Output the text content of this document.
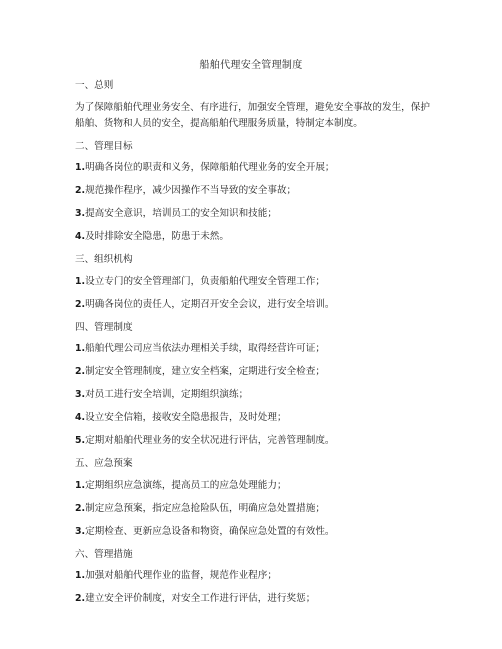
船舶代理安全管理制度
一、总则
为了保障船舶代理业务安全、有序进行，加强安全管理，避免安全事故的发生，保护船舶、货物和人员的安全，提高船舶代理服务质量，特制定本制度。
二、管理目标
1.明确各岗位的职责和义务，保障船舶代理业务的安全开展；
2.规范操作程序，减少因操作不当导致的安全事故；
3.提高安全意识，培训员工的安全知识和技能；
4.及时排除安全隐患，防患于未然。
三、组织机构
1.设立专门的安全管理部门，负责船舶代理安全管理工作；
2.明确各岗位的责任人，定期召开安全会议，进行安全培训。
四、管理制度
1.船舶代理公司应当依法办理相关手续，取得经营许可证；
2.制定安全管理制度，建立安全档案，定期进行安全检查；
3.对员工进行安全培训，定期组织演练；
4.设立安全信箱，接收安全隐患报告，及时处理；
5.定期对船舶代理业务的安全状况进行评估，完善管理制度。
五、应急预案
1.定期组织应急演练，提高员工的应急处理能力；
2.制定应急预案，指定应急抢险队伍，明确应急处置措施；
3.定期检查、更新应急设备和物资，确保应急处置的有效性。
六、管理措施
1.加强对船舶代理作业的监督，规范作业程序；
2.建立安全评价制度，对安全工作进行评估，进行奖惩；
